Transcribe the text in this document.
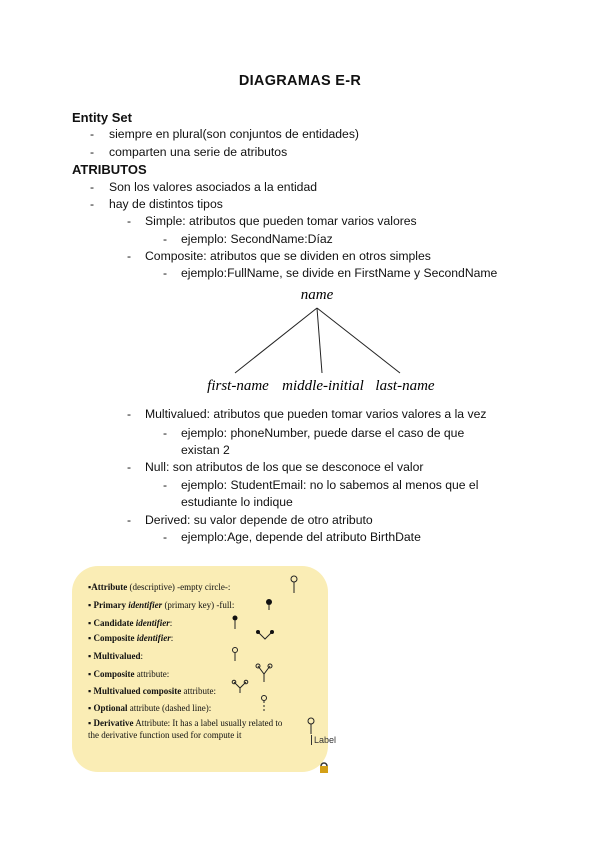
DIAGRAMAS E-R
Entity Set
- siempre en plural(son conjuntos de entidades)
- comparten una serie de atributos
ATRIBUTOS
- Son los valores asociados a la entidad
- hay de distintos tipos
- Simple: atributos que pueden tomar varios valores
- ejemplo: SecondName:Díaz
- Composite: atributos que se dividen en otros simples
- ejemplo:FullName, se divide en FirstName y SecondName
name
first-name middle-initial last-name
- Multivalued: atributos que pueden tomar varios valores a la vez
- ejemplo: phoneNumber, puede darse el caso de que
existan 2
- Null: son atributos de los que se desconoce el valor
- ejemplo: StudentEmail: no lo sabemos al menos que el
estudiante lo indique
- Derived: su valor depende de otro atributo
- ejemplo:Age, depende del atributo BirthDate
▪Attribute (descriptive) -empty circle-:
▪ Primary identifier (primary key) -full:
▪ Candidate identifier:
▪ Composite identifier:
▪ Multivalued:
▪ Composite attribute:
▪ Multivalued composite attribute:
▪ Optional attribute (dashed line):
▪ Derivative Attribute: It has a label usually related to
the derivative function used for compute it	Label
